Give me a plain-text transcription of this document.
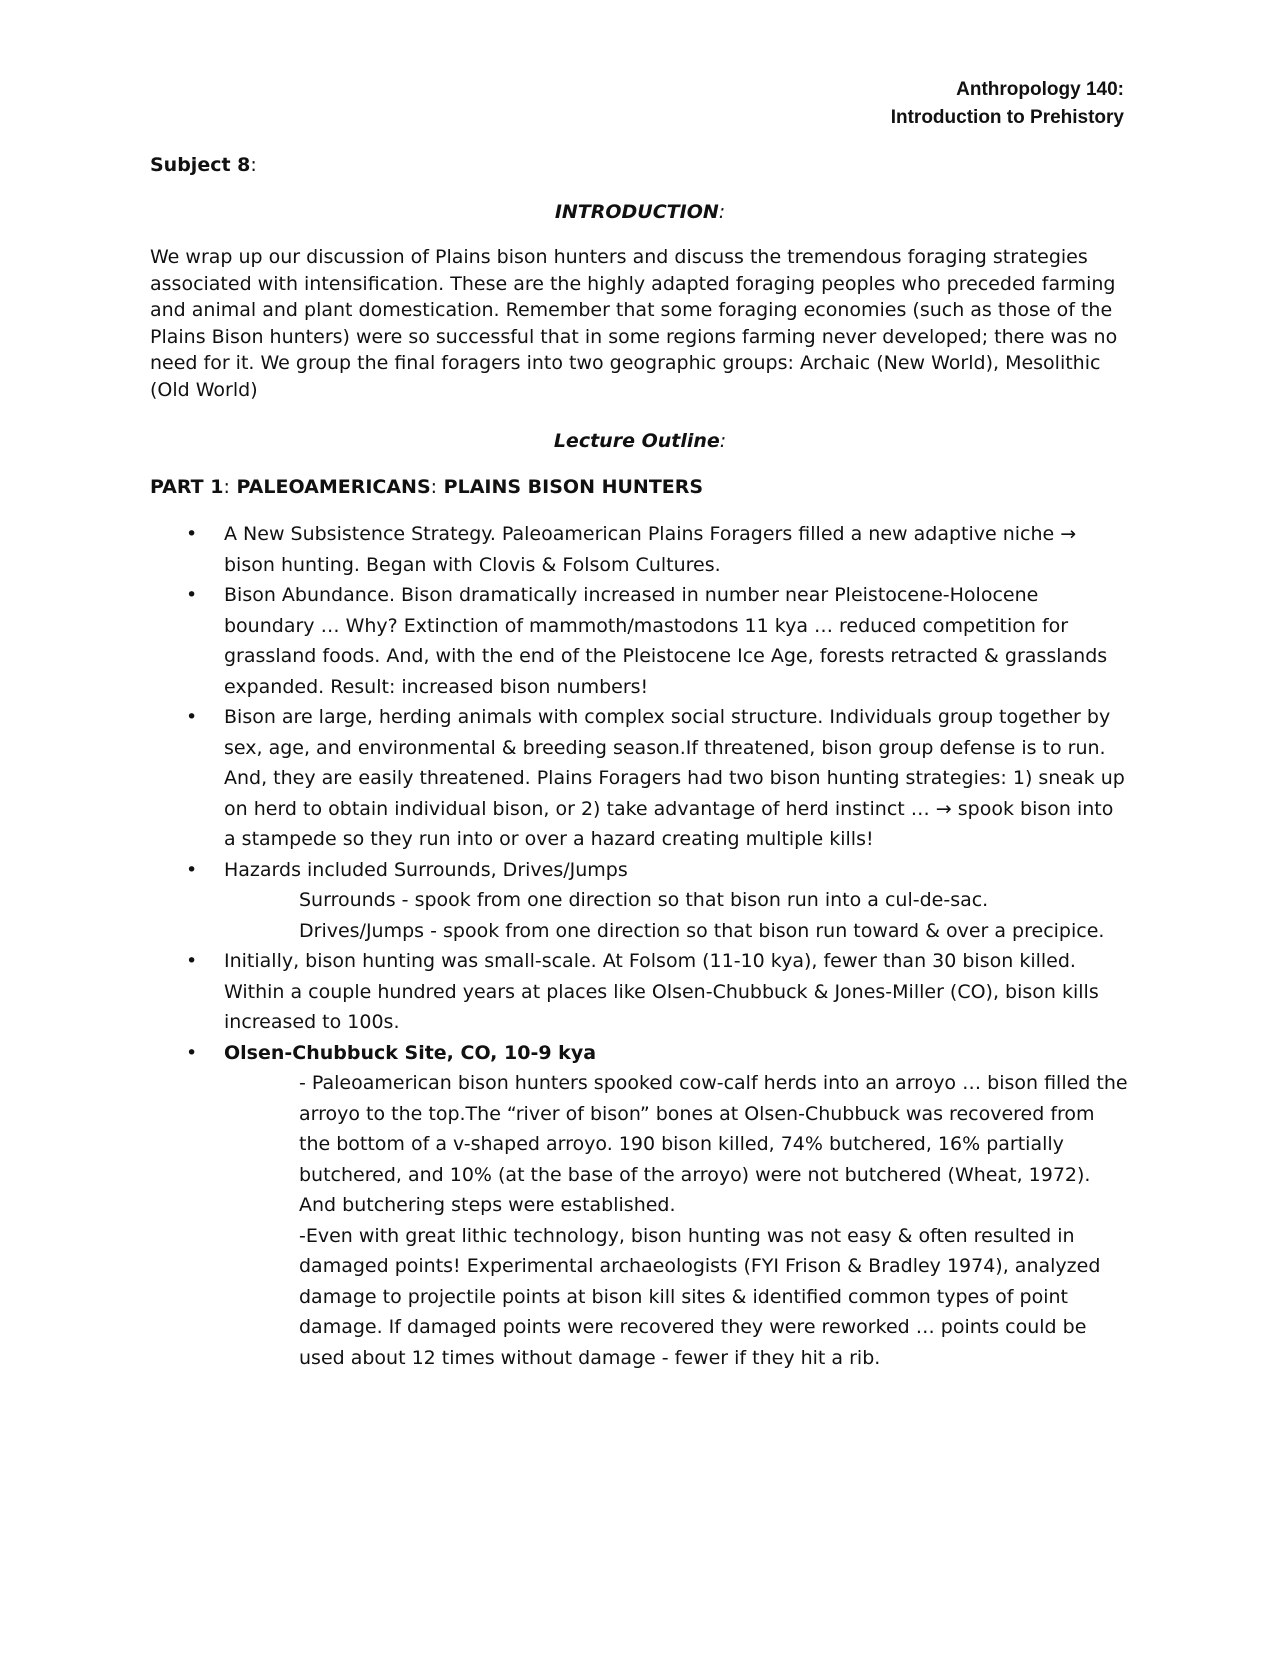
Anthropology 140:
Introduction to Prehistory
Subject 8:
INTRODUCTION:

We wrap up our discussion of Plains bison hunters and discuss the tremendous foraging strategies associated with intensification. These are the highly adapted foraging peoples who preceded farming and animal and plant domestication. Remember that some foraging economies (such as those of the Plains Bison hunters) were so successful that in some regions farming never developed; there was no need for it. We group the final foragers into two geographic groups: Archaic (New World), Mesolithic (Old World)

Lecture Outline:
PART 1: PALEOAMERICANS: PLAINS BISON HUNTERS
• A New Subsistence Strategy. Paleoamerican Plains Foragers filled a new adaptive niche → bison hunting. Began with Clovis & Folsom Cultures.
• Bison Abundance. Bison dramatically increased in number near Pleistocene-Holocene boundary … Why? Extinction of mammoth/mastodons 11 kya … reduced competition for grassland foods. And, with the end of the Pleistocene Ice Age, forests retracted & grasslands expanded. Result: increased bison numbers!
• Bison are large, herding animals with complex social structure. Individuals group together by sex, age, and environmental & breeding season.If threatened, bison group defense is to run. And, they are easily threatened. Plains Foragers had two bison hunting strategies: 1) sneak up on herd to obtain individual bison, or 2) take advantage of herd instinct … → spook bison into a stampede so they run into or over a hazard creating multiple kills!
• Hazards included Surrounds, Drives/Jumps
Surrounds - spook from one direction so that bison run into a cul-de-sac.
Drives/Jumps - spook from one direction so that bison run toward & over a precipice.
• Initially, bison hunting was small-scale. At Folsom (11-10 kya), fewer than 30 bison killed. Within a couple hundred years at places like Olsen-Chubbuck & Jones-Miller (CO), bison kills increased to 100s.
• Olsen-Chubbuck Site, CO, 10-9 kya
- Paleoamerican bison hunters spooked cow-calf herds into an arroyo … bison filled the arroyo to the top.The “river of bison” bones at Olsen-Chubbuck was recovered from the bottom of a v-shaped arroyo. 190 bison killed, 74% butchered, 16% partially butchered, and 10% (at the base of the arroyo) were not butchered (Wheat, 1972). And butchering steps were established.
-Even with great lithic technology, bison hunting was not easy & often resulted in damaged points! Experimental archaeologists (FYI Frison & Bradley 1974), analyzed damage to projectile points at bison kill sites & identified common types of point damage. If damaged points were recovered they were reworked … points could be used about 12 times without damage - fewer if they hit a rib.
